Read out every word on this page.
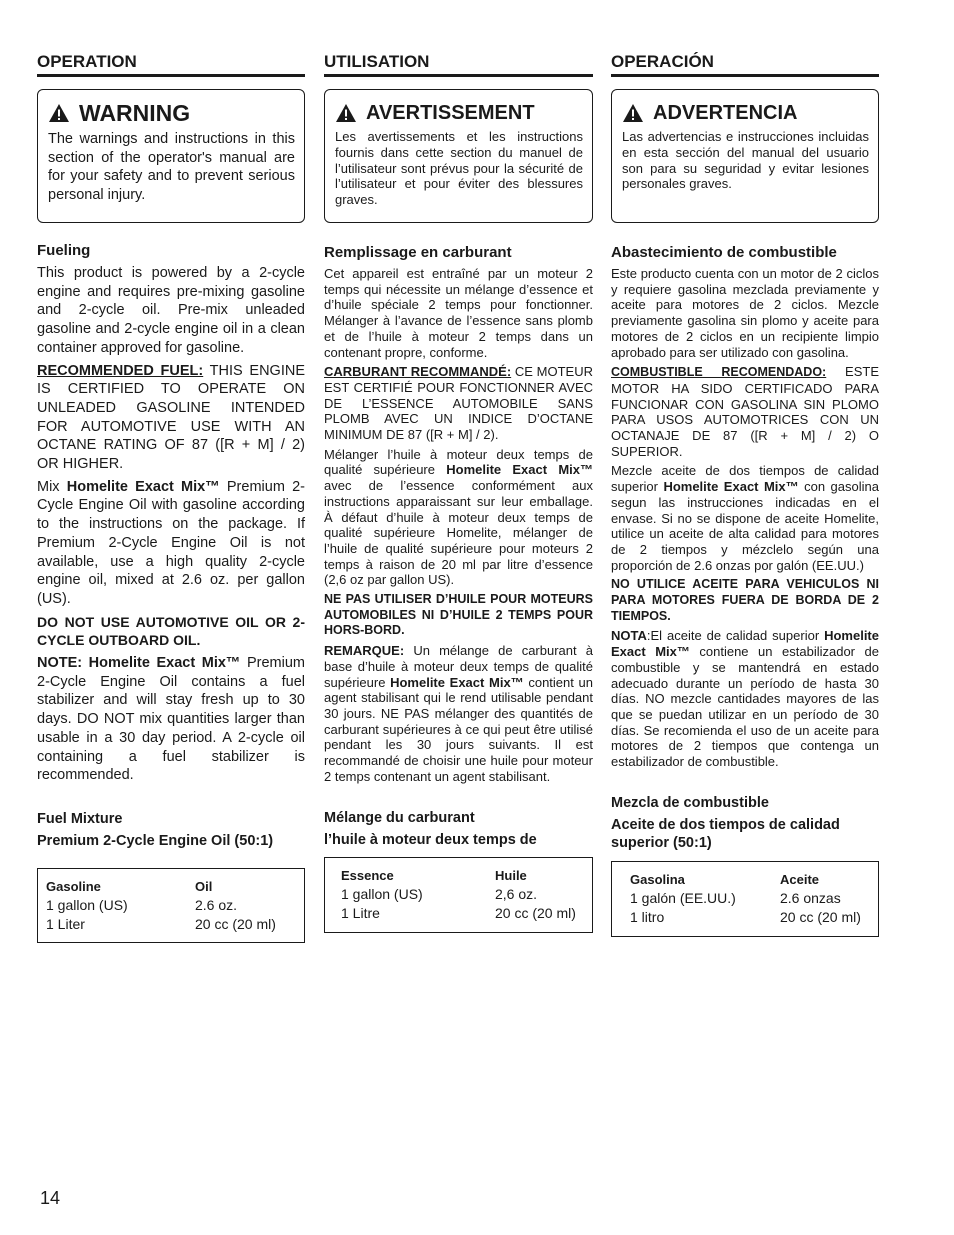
OPERATION
WARNING
The warnings and instructions in this section of the operator's manual are for your safety and to prevent serious personal injury.
Fueling

This product is powered by a 2-cycle engine and requires pre-mixing gasoline and 2-cycle oil. Pre-mix unleaded gasoline and 2-cycle engine oil in a clean container approved for gasoline.

RECOMMENDED FUEL: THIS ENGINE IS CERTIFIED TO OPERATE ON UNLEADED GASOLINE INTENDED FOR AUTOMOTIVE USE WITH AN OCTANE RATING OF 87 ([R + M] / 2) OR HIGHER.

Mix Homelite Exact Mix™ Premium 2-Cycle Engine Oil with gasoline according to the instructions on the package. If Premium 2-Cycle Engine Oil is not available, use a high quality 2-cycle engine oil, mixed at 2.6 oz. per gallon (US).

DO NOT USE AUTOMOTIVE OIL OR 2-CYCLE OUTBOARD OIL.

NOTE: Homelite Exact Mix™ Premium 2-Cycle Engine Oil contains a fuel stabilizer and will stay fresh up to 30 days. DO NOT mix quantities larger than usable in a 30 day period. A 2-cycle oil containing a fuel stabilizer is recommended.

Fuel Mixture
Premium 2-Cycle Engine Oil (50:1)
Gasoline	Oil
1 gallon (US)	2.6 oz.
1 Liter	20 cc (20 ml)
UTILISATION
AVERTISSEMENT
Les avertissements et les instructions fournis dans cette section du manuel de l’utilisateur sont prévus pour la sécurité de l’utilisateur et pour éviter des blessures graves.
Remplissage en carburant

Cet appareil est entraîné par un moteur 2 temps qui nécessite un mélange d’essence et d’huile spéciale 2 temps pour fonctionner. Mélanger à l’avance de l’essence sans plomb et de l’huile à moteur 2 temps dans un contenant propre, conforme.

CARBURANT RECOMMANDÉ: CE MOTEUR EST CERTIFIÉ POUR FONCTIONNER AVEC DE L’ESSENCE AUTOMOBILE SANS PLOMB AVEC UN INDICE D’OCTANE MINIMUM DE 87 ([R + M] / 2).

Mélanger l’huile à moteur deux temps de qualité supérieure Homelite Exact Mix™ avec de l’essence conformément aux instructions apparaissant sur leur emballage. À défaut d’huile à moteur deux temps de qualité supérieure Homelite, mélanger de l’huile de qualité supérieure pour moteurs 2 temps à raison de 20 ml par litre d’essence (2,6 oz par gallon US).

NE PAS UTILISER D’HUILE POUR MOTEURS AUTOMOBILES NI D’HUILE 2 TEMPS POUR HORS-BORD.

REMARQUE: Un mélange de carburant à base d’huile à moteur deux temps de qualité supérieure Homelite Exact Mix™ contient un agent stabilisant qui le rend utilisable pendant 30 jours. NE PAS mélanger des quantités de carburant supérieures à ce qui peut être utilisé pendant les 30 jours suivants. Il est recommandé de choisir une huile pour moteur 2 temps contenant un agent stabilisant.

Mélange du carburant
l’huile à moteur deux temps de
Essence	Huile
1 gallon (US)	2,6 oz.
1 Litre	20 cc (20 ml)
OPERACIÓN
ADVERTENCIA
Las advertencias e instrucciones incluidas en esta sección del manual del usuario son para su seguridad y evitar lesiones personales graves.
Abastecimiento de combustible

Este producto cuenta con un motor de 2 ciclos y requiere gasolina mezclada previamente y aceite para motores de 2 ciclos. Mezcle previamente gasolina sin plomo y aceite para motores de 2 ciclos en un recipiente limpio aprobado para ser utilizado con gasolina.

COMBUSTIBLE RECOMENDADO: ESTE MOTOR HA SIDO CERTIFICADO PARA FUNCIONAR CON GASOLINA SIN PLOMO PARA USOS AUTOMOTRICES CON UN OCTANAJE DE 87 ([R + M] / 2) O SUPERIOR.

Mezcle aceite de dos tiempos de calidad superior Homelite Exact Mix™ con gasolina segun las instrucciones indicadas en el envase. Si no se dispone de aceite Homelite, utilice un aceite de alta calidad para motores de 2 tiempos y mézclelo según una proporción de 2.6 onzas por galón (EE.UU.)

NO UTILICE ACEITE PARA VEHICULOS NI PARA MOTORES FUERA DE BORDA DE 2 TIEMPOS.

NOTA:El aceite de calidad superior Homelite Exact Mix™ contiene un estabilizador de combustible y se mantendrá en estado adecuado durante un período de hasta 30 días. NO mezcle cantidades mayores de las que se puedan utilizar en un período de 30 días. Se recomienda el uso de un aceite para motores de 2 tiempos que contenga un estabilizador de combustible.

Mezcla de combustible
Aceite de dos tiempos de calidad superior (50:1)
Gasolina	Aceite
1 galón (EE.UU.)	2.6 onzas
1 litro	20 cc (20 ml)
14
